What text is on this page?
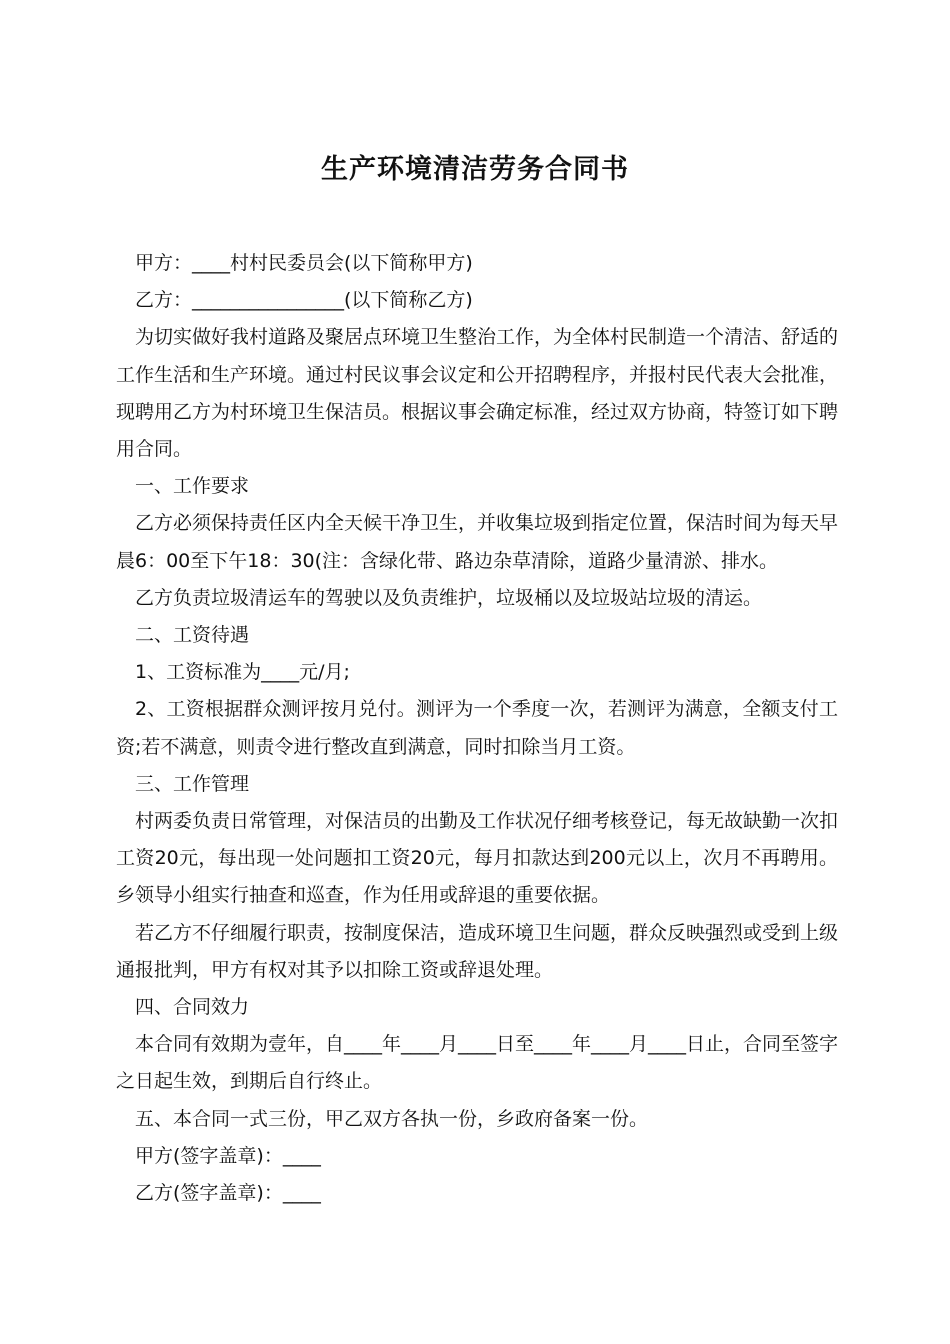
生产环境清洁劳务合同书

甲方：____村村民委员会(以下简称甲方)

乙方：________________(以下简称乙方)

为切实做好我村道路及聚居点环境卫生整治工作，为全体村民制造一个清洁、舒适的工作生活和生产环境。通过村民议事会议定和公开招聘程序，并报村民代表大会批准，现聘用乙方为村环境卫生保洁员。根据议事会确定标准，经过双方协商，特签订如下聘用合同。

一、工作要求

乙方必须保持责任区内全天候干净卫生，并收集垃圾到指定位置，保洁时间为每天早晨6：00至下午18：30(注：含绿化带、路边杂草清除，道路少量清淤、排水。

乙方负责垃圾清运车的驾驶以及负责维护，垃圾桶以及垃圾站垃圾的清运。

二、工资待遇

1、工资标准为____元/月;

2、工资根据群众测评按月兑付。测评为一个季度一次，若测评为满意，全额支付工资;若不满意，则责令进行整改直到满意，同时扣除当月工资。

三、工作管理

村两委负责日常管理，对保洁员的出勤及工作状况仔细考核登记，每无故缺勤一次扣工资20元，每出现一处问题扣工资20元，每月扣款达到200元以上，次月不再聘用。乡领导小组实行抽查和巡查，作为任用或辞退的重要依据。

若乙方不仔细履行职责，按制度保洁，造成环境卫生问题，群众反映强烈或受到上级通报批判，甲方有权对其予以扣除工资或辞退处理。

四、合同效力

本合同有效期为壹年，自____年____月____日至____年____月____日止，合同至签字之日起生效，到期后自行终止。

五、本合同一式三份，甲乙双方各执一份，乡政府备案一份。

甲方(签字盖章)：____

乙方(签字盖章)：____
